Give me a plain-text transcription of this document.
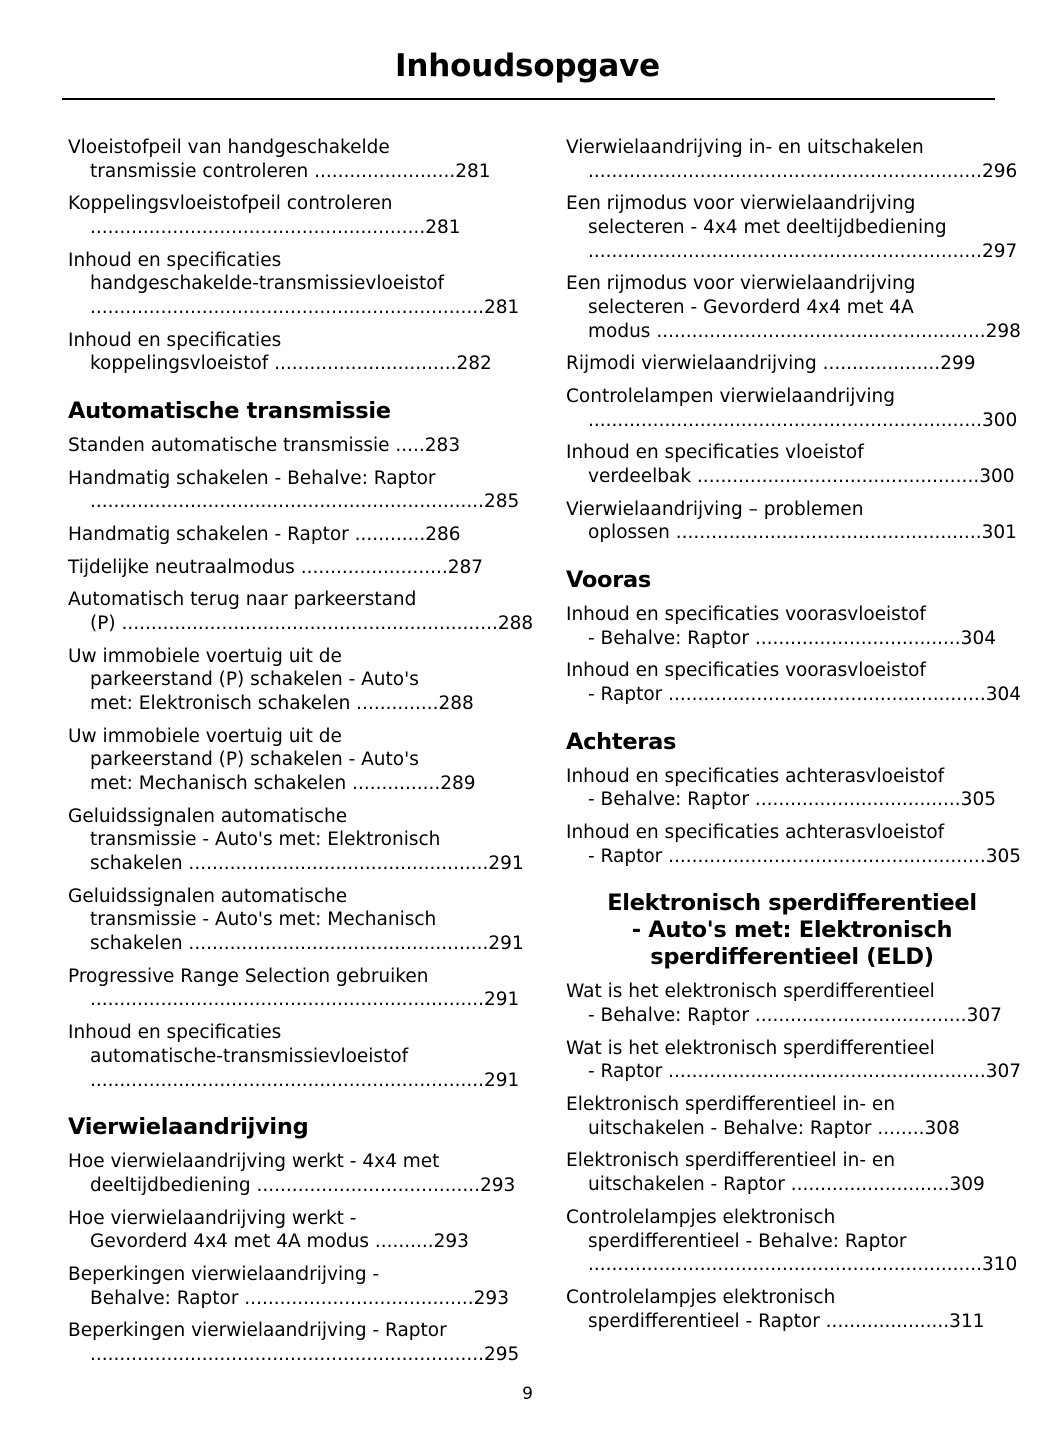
Inhoudsopgave
Vloeistofpeil van handgeschakelde
transmissie controleren ........................281
Koppelingsvloeistofpeil controleren
.........................................................281
Inhoud en specificaties
handgeschakelde-transmissievloeistof
...................................................................281
Inhoud en specificaties
koppelingsvloeistof ...............................282
Automatische transmissie
Standen automatische transmissie .....283
Handmatig schakelen - Behalve: Raptor
...................................................................285
Handmatig schakelen - Raptor ............286
Tijdelijke neutraalmodus .........................287
Automatisch terug naar parkeerstand
(P) ................................................................288
Uw immobiele voertuig uit de
parkeerstand (P) schakelen - Auto's
met: Elektronisch schakelen ..............288
Uw immobiele voertuig uit de
parkeerstand (P) schakelen - Auto's
met: Mechanisch schakelen ...............289
Geluidssignalen automatische
transmissie - Auto's met: Elektronisch
schakelen ...................................................291
Geluidssignalen automatische
transmissie - Auto's met: Mechanisch
schakelen ...................................................291
Progressive Range Selection gebruiken
...................................................................291
Inhoud en specificaties
automatische-transmissievloeistof
...................................................................291
Vierwielaandrijving
Hoe vierwielaandrijving werkt - 4x4 met
deeltijdbediening ......................................293
Hoe vierwielaandrijving werkt -
Gevorderd 4x4 met 4A modus ..........293
Beperkingen vierwielaandrijving -
Behalve: Raptor .......................................293
Beperkingen vierwielaandrijving - Raptor
...................................................................295
Vierwielaandrijving in- en uitschakelen
...................................................................296
Een rijmodus voor vierwielaandrijving
selecteren - 4x4 met deeltijdbediening
...................................................................297
Een rijmodus voor vierwielaandrijving
selecteren - Gevorderd 4x4 met 4A
modus ........................................................298
Rijmodi vierwielaandrijving ....................299
Controlelampen vierwielaandrijving
...................................................................300
Inhoud en specificaties vloeistof
verdeelbak ................................................300
Vierwielaandrijving – problemen
oplossen ....................................................301
Vooras
Inhoud en specificaties voorasvloeistof
- Behalve: Raptor ...................................304
Inhoud en specificaties voorasvloeistof
- Raptor ......................................................304
Achteras
Inhoud en specificaties achterasvloeistof
- Behalve: Raptor ...................................305
Inhoud en specificaties achterasvloeistof
- Raptor ......................................................305
Elektronisch sperdifferentieel
- Auto's met: Elektronisch
sperdifferentieel (ELD)
Wat is het elektronisch sperdifferentieel
- Behalve: Raptor ....................................307
Wat is het elektronisch sperdifferentieel
- Raptor ......................................................307
Elektronisch sperdifferentieel in- en
uitschakelen - Behalve: Raptor ........308
Elektronisch sperdifferentieel in- en
uitschakelen - Raptor ...........................309
Controlelampjes elektronisch
sperdifferentieel - Behalve: Raptor
...................................................................310
Controlelampjes elektronisch
sperdifferentieel - Raptor .....................311
9
